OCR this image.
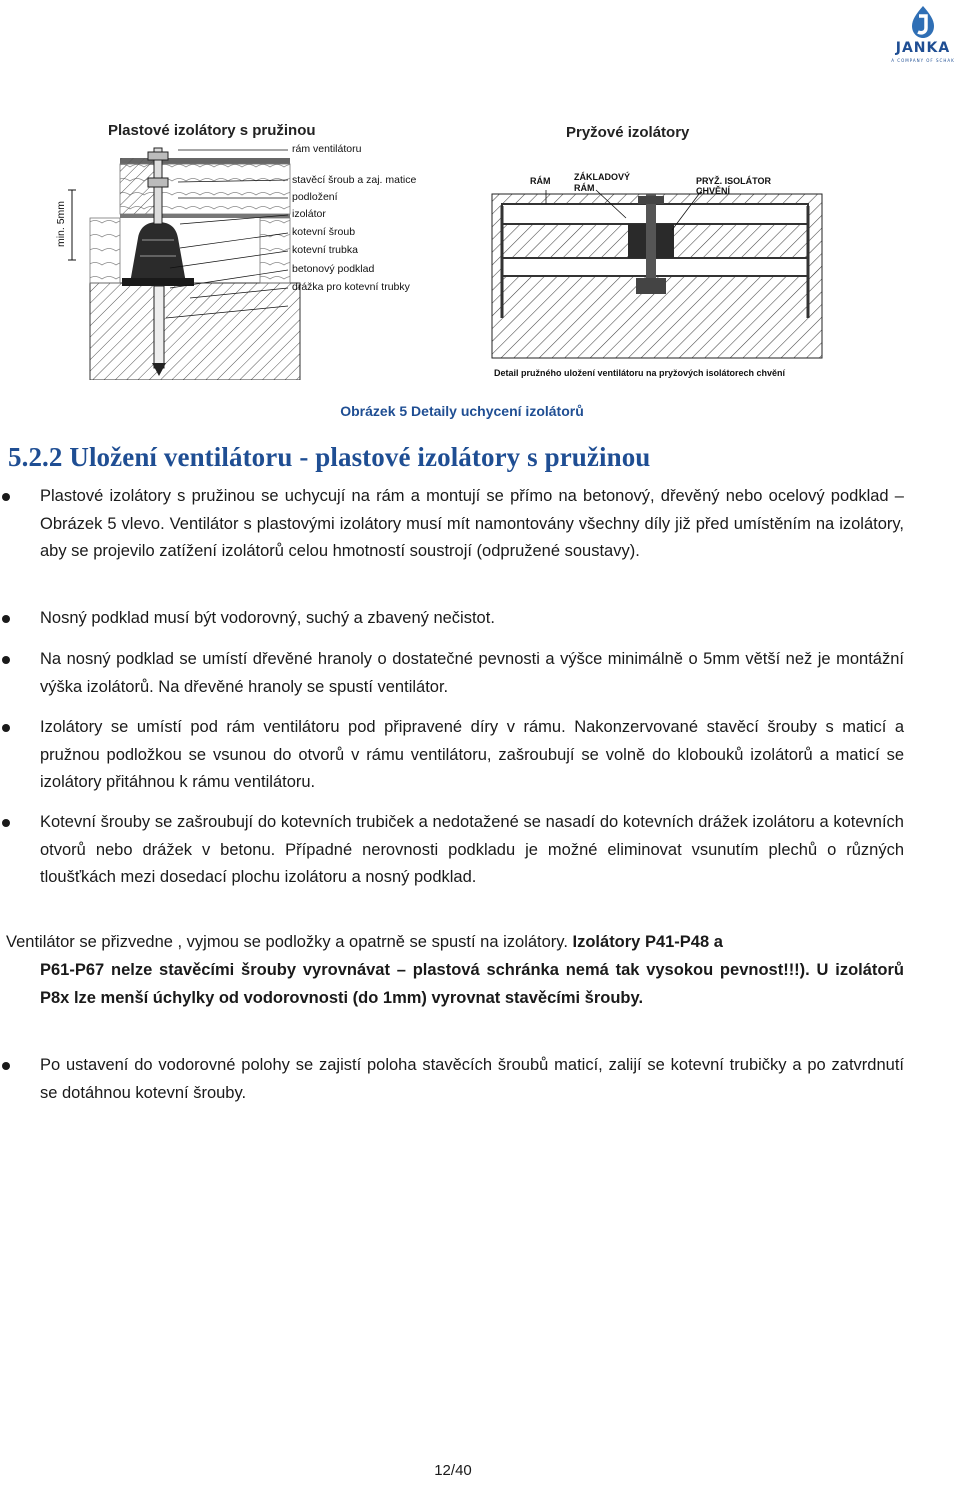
JANKA
A COMPANY OF SCHAK
Plastové izolátory s pružinou
min. 5mm
rám ventilátoru
stavěcí šroub a zaj. matice
podložení
izolátor
kotevní šroub
kotevní trubka
betonový podklad
drážka pro kotevní trubky
Pryžové izolátory
RÁM	ZÁKLADOVÝ
RÁM
PRYŽ. ISOLÁTOR
CHVĚNÍ
Detail pružného uložení ventilátoru na pryžových isolátorech chvění
Obrázek 5 Detaily uchycení izolátorů
5.2.2 Uložení ventilátoru - plastové izolátory s pružinou
Plastové izolátory s pružinou se uchycují na rám a montují se přímo na betonový, dřevěný nebo ocelový podklad – Obrázek 5 vlevo. Ventilátor s plastovými izolátory musí mít namontovány všechny díly již před umístěním na izolátory, aby se projevilo zatížení izolátorů celou hmotností soustrojí (odpružené soustavy).
Nosný podklad musí být vodorovný, suchý a zbavený nečistot.
Na nosný podklad se umístí dřevěné hranoly o dostatečné pevnosti a výšce minimálně o 5mm větší než je montážní výška izolátorů. Na dřevěné hranoly se spustí ventilátor.
Izolátory se umístí pod rám ventilátoru pod připravené díry v rámu. Nakonzervované stavěcí šrouby s maticí a pružnou podložkou se vsunou do otvorů v rámu ventilátoru, zašroubují se volně do klobouků izolátorů a maticí se izolátory přitáhnou k rámu ventilátoru.
Kotevní šrouby se zašroubují do kotevních trubiček a nedotažené se nasadí do kotevních drážek izolátoru a kotevních otvorů nebo drážek v betonu. Případné nerovnosti podkladu je možné eliminovat vsunutím plechů o různých tloušťkách mezi dosedací plochu izolátoru a nosný podklad.
Ventilátor se přizvedne , vyjmou se podložky a opatrně se spustí na izolátory. Izolátory P41-P48 a
P61-P67 nelze stavěcími šrouby vyrovnávat – plastová schránka nemá tak vysokou pevnost!!!). U izolátorů P8x lze menší úchylky od vodorovnosti (do 1mm) vyrovnat stavěcími šrouby.
Po ustavení do vodorovné polohy se zajistí poloha stavěcích šroubů maticí, zalijí se kotevní trubičky a po zatvrdnutí se dotáhnou kotevní šrouby.
12/40
